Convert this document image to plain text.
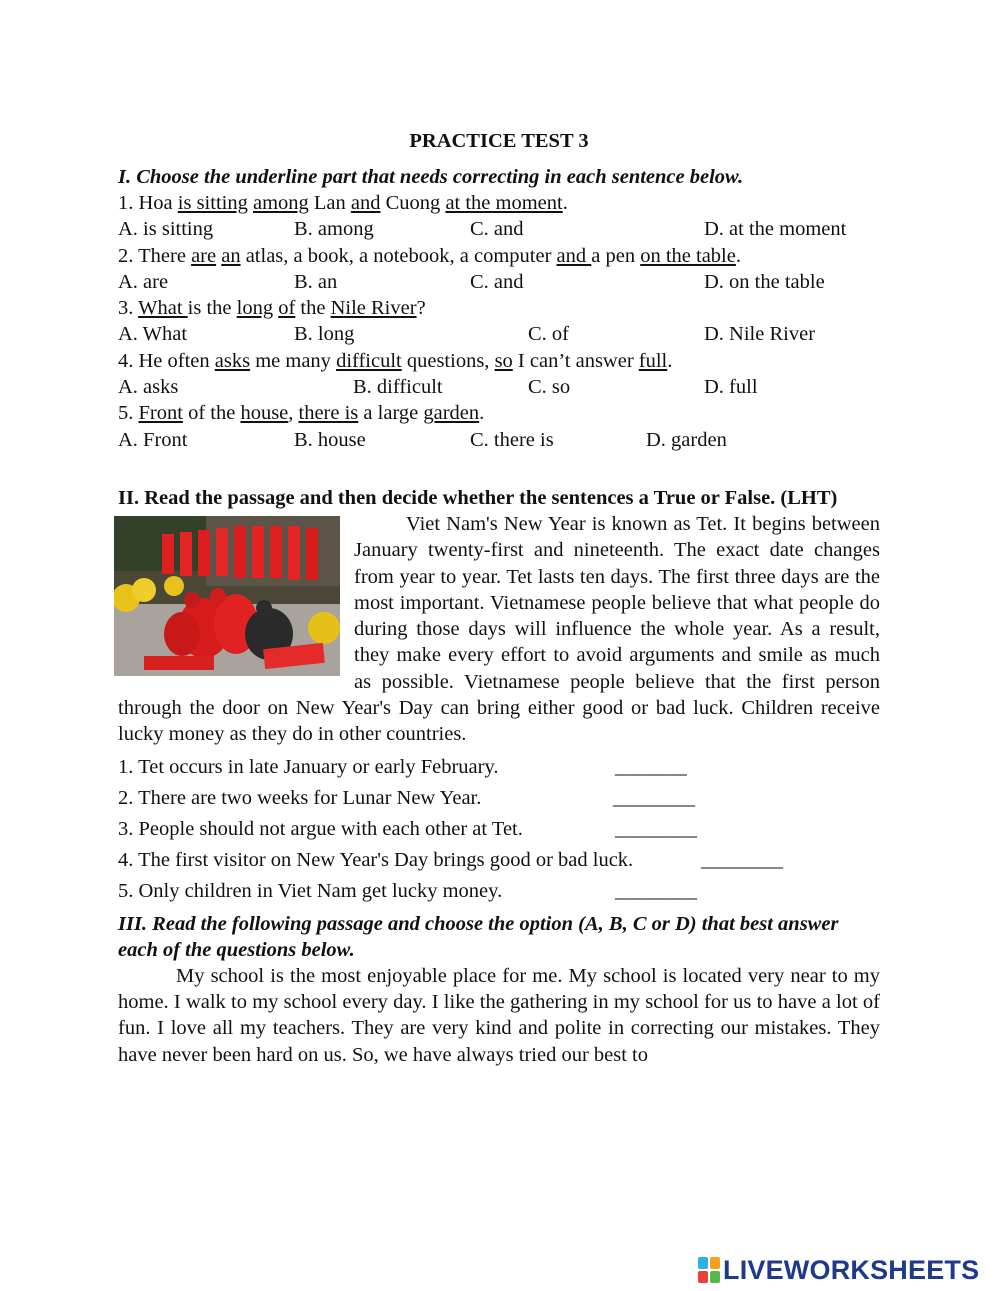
PRACTICE TEST 3
I. Choose the underline part that needs correcting in each sentence below.
1. Hoa is sitting among Lan and Cuong at the moment.
A. is sitting	B. among	C. and	D. at the moment
2. There are an atlas, a book, a notebook, a computer and a pen on the table.
A. are	B. an	C. and	D. on the table
3. What is the long of the Nile River?
A. What	B. long	C. of	D. Nile River
4. He often asks me many difficult questions, so I can’t answer full.
A. asks	B. difficult	C. so	D. full
5. Front of the house, there is a large garden.
A. Front	B. house	C. there is	D. garden
II. Read the passage and then decide whether the sentences a True or False. (LHT)
Viet Nam's New Year is known as Tet. It begins between January twenty-first and nineteenth. The exact date changes from year to year. Tet lasts ten days. The first three days are the most important. Vietnamese people believe that what people do during those days will influence the whole year. As a result, they make every effort to avoid arguments and smile as much as possible. Vietnamese people believe that the first person through the door on New Year's Day can bring either good or bad luck. Children receive lucky money as they do in other countries.
1. Tet occurs in late January or early February.	_______
2. There are two weeks for Lunar New Year.	________
3. People should not argue with each other at Tet.	________
4. The first visitor on New Year's Day brings good or bad luck.	________
5. Only children in Viet Nam get lucky money.	________
III. Read the following passage and choose the option (A, B, C or D) that best answer each of the questions below.
My school is the most enjoyable place for me. My school is located very near to my home. I walk to my school every day. I like the gathering in my school for us to have a lot of fun. I love all my teachers. They are very kind and polite in correcting our mistakes. They have never been hard on us. So, we have always tried our best to
LIVEWORKSHEETS
